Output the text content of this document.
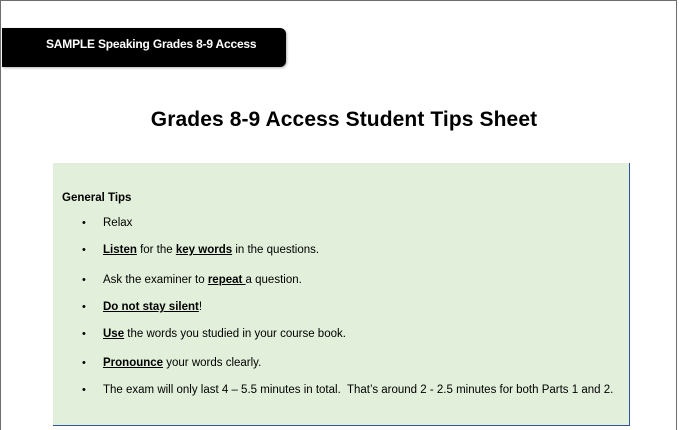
SAMPLE Speaking Grades 8-9 Access
Grades 8-9 Access Student Tips Sheet
General Tips
• Relax
• Listen for the key words in the questions.
• Ask the examiner to repeat a question.
• Do not stay silent!
• Use the words you studied in your course book.
• Pronounce your words clearly.
• The exam will only last 4 – 5.5 minutes in total.  That’s around 2 - 2.5 minutes for both Parts 1 and 2.
